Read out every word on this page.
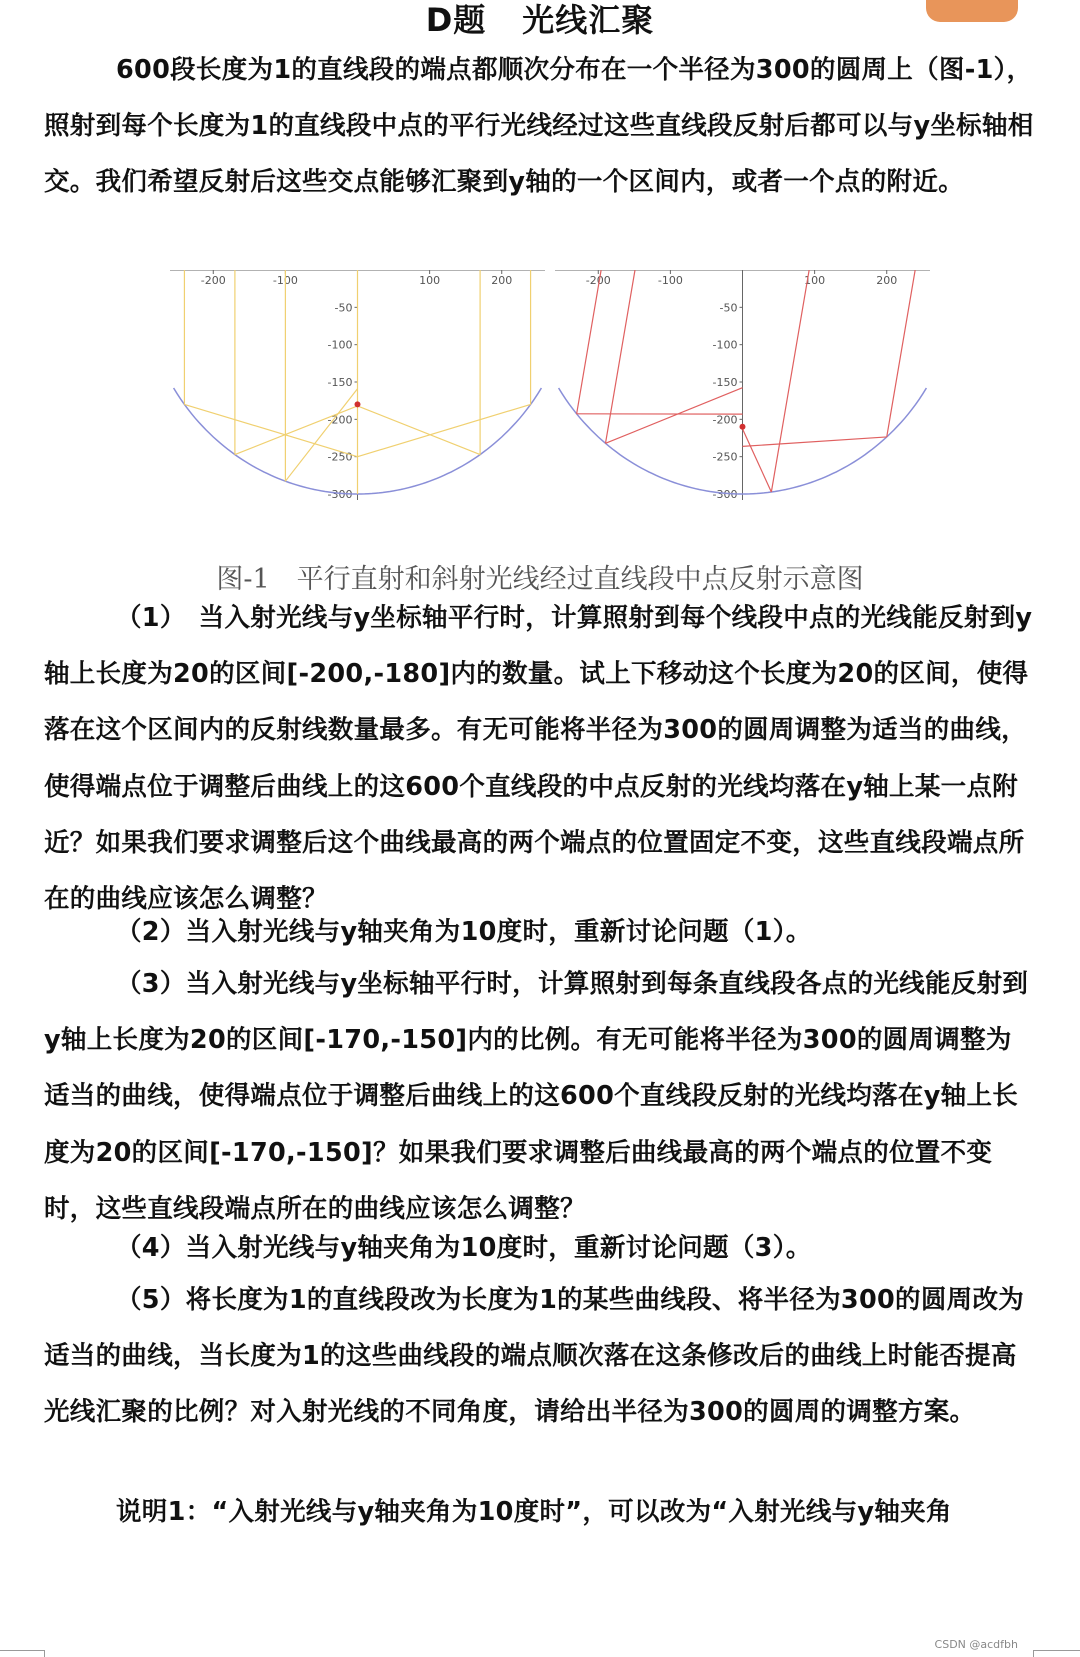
D题 光线汇聚

600段长度为1的直线段的端点都顺次分布在一个半径为300的圆周上（图-1），照射到每个长度为1的直线段中点的平行光线经过这些直线段反射后都可以与y坐标轴相交。我们希望反射后这些交点能够汇聚到y轴的一个区间内，或者一个点的附近。

-200	-100	100	200
-50
-100
-150
-200
-250
-300
-200	-100	100	200
-50
-100
-150
-200
-250
-300
图-1　平行直射和斜射光线经过直线段中点反射示意图

（1）　当入射光线与y坐标轴平行时，计算照射到每个线段中点的光线能反射到y轴上长度为20的区间[-200,-180]内的数量。试上下移动这个长度为20的区间，使得落在这个区间内的反射线数量最多。有无可能将半径为300的圆周调整为适当的曲线，使得端点位于调整后曲线上的这600个直线段的中点反射的光线均落在y轴上某一点附近？如果我们要求调整后这个曲线最高的两个端点的位置固定不变，这些直线段端点所在的曲线应该怎么调整？

（2）当入射光线与y轴夹角为10度时，重新讨论问题（1）。

（3）当入射光线与y坐标轴平行时，计算照射到每条直线段各点的光线能反射到y轴上长度为20的区间[-170,-150]内的比例。有无可能将半径为300的圆周调整为适当的曲线，使得端点位于调整后曲线上的这600个直线段反射的光线均落在y轴上长度为20的区间[-170,-150]？如果我们要求调整后曲线最高的两个端点的位置不变时，这些直线段端点所在的曲线应该怎么调整？

（4）当入射光线与y轴夹角为10度时，重新讨论问题（3）。

（5）将长度为1的直线段改为长度为1的某些曲线段、将半径为300的圆周改为适当的曲线，当长度为1的这些曲线段的端点顺次落在这条修改后的曲线上时能否提高光线汇聚的比例？对入射光线的不同角度，请给出半径为300的圆周的调整方案。

说明1：“入射光线与y轴夹角为10度时”，可以改为“入射光线与y轴夹角

CSDN @acdfbh
